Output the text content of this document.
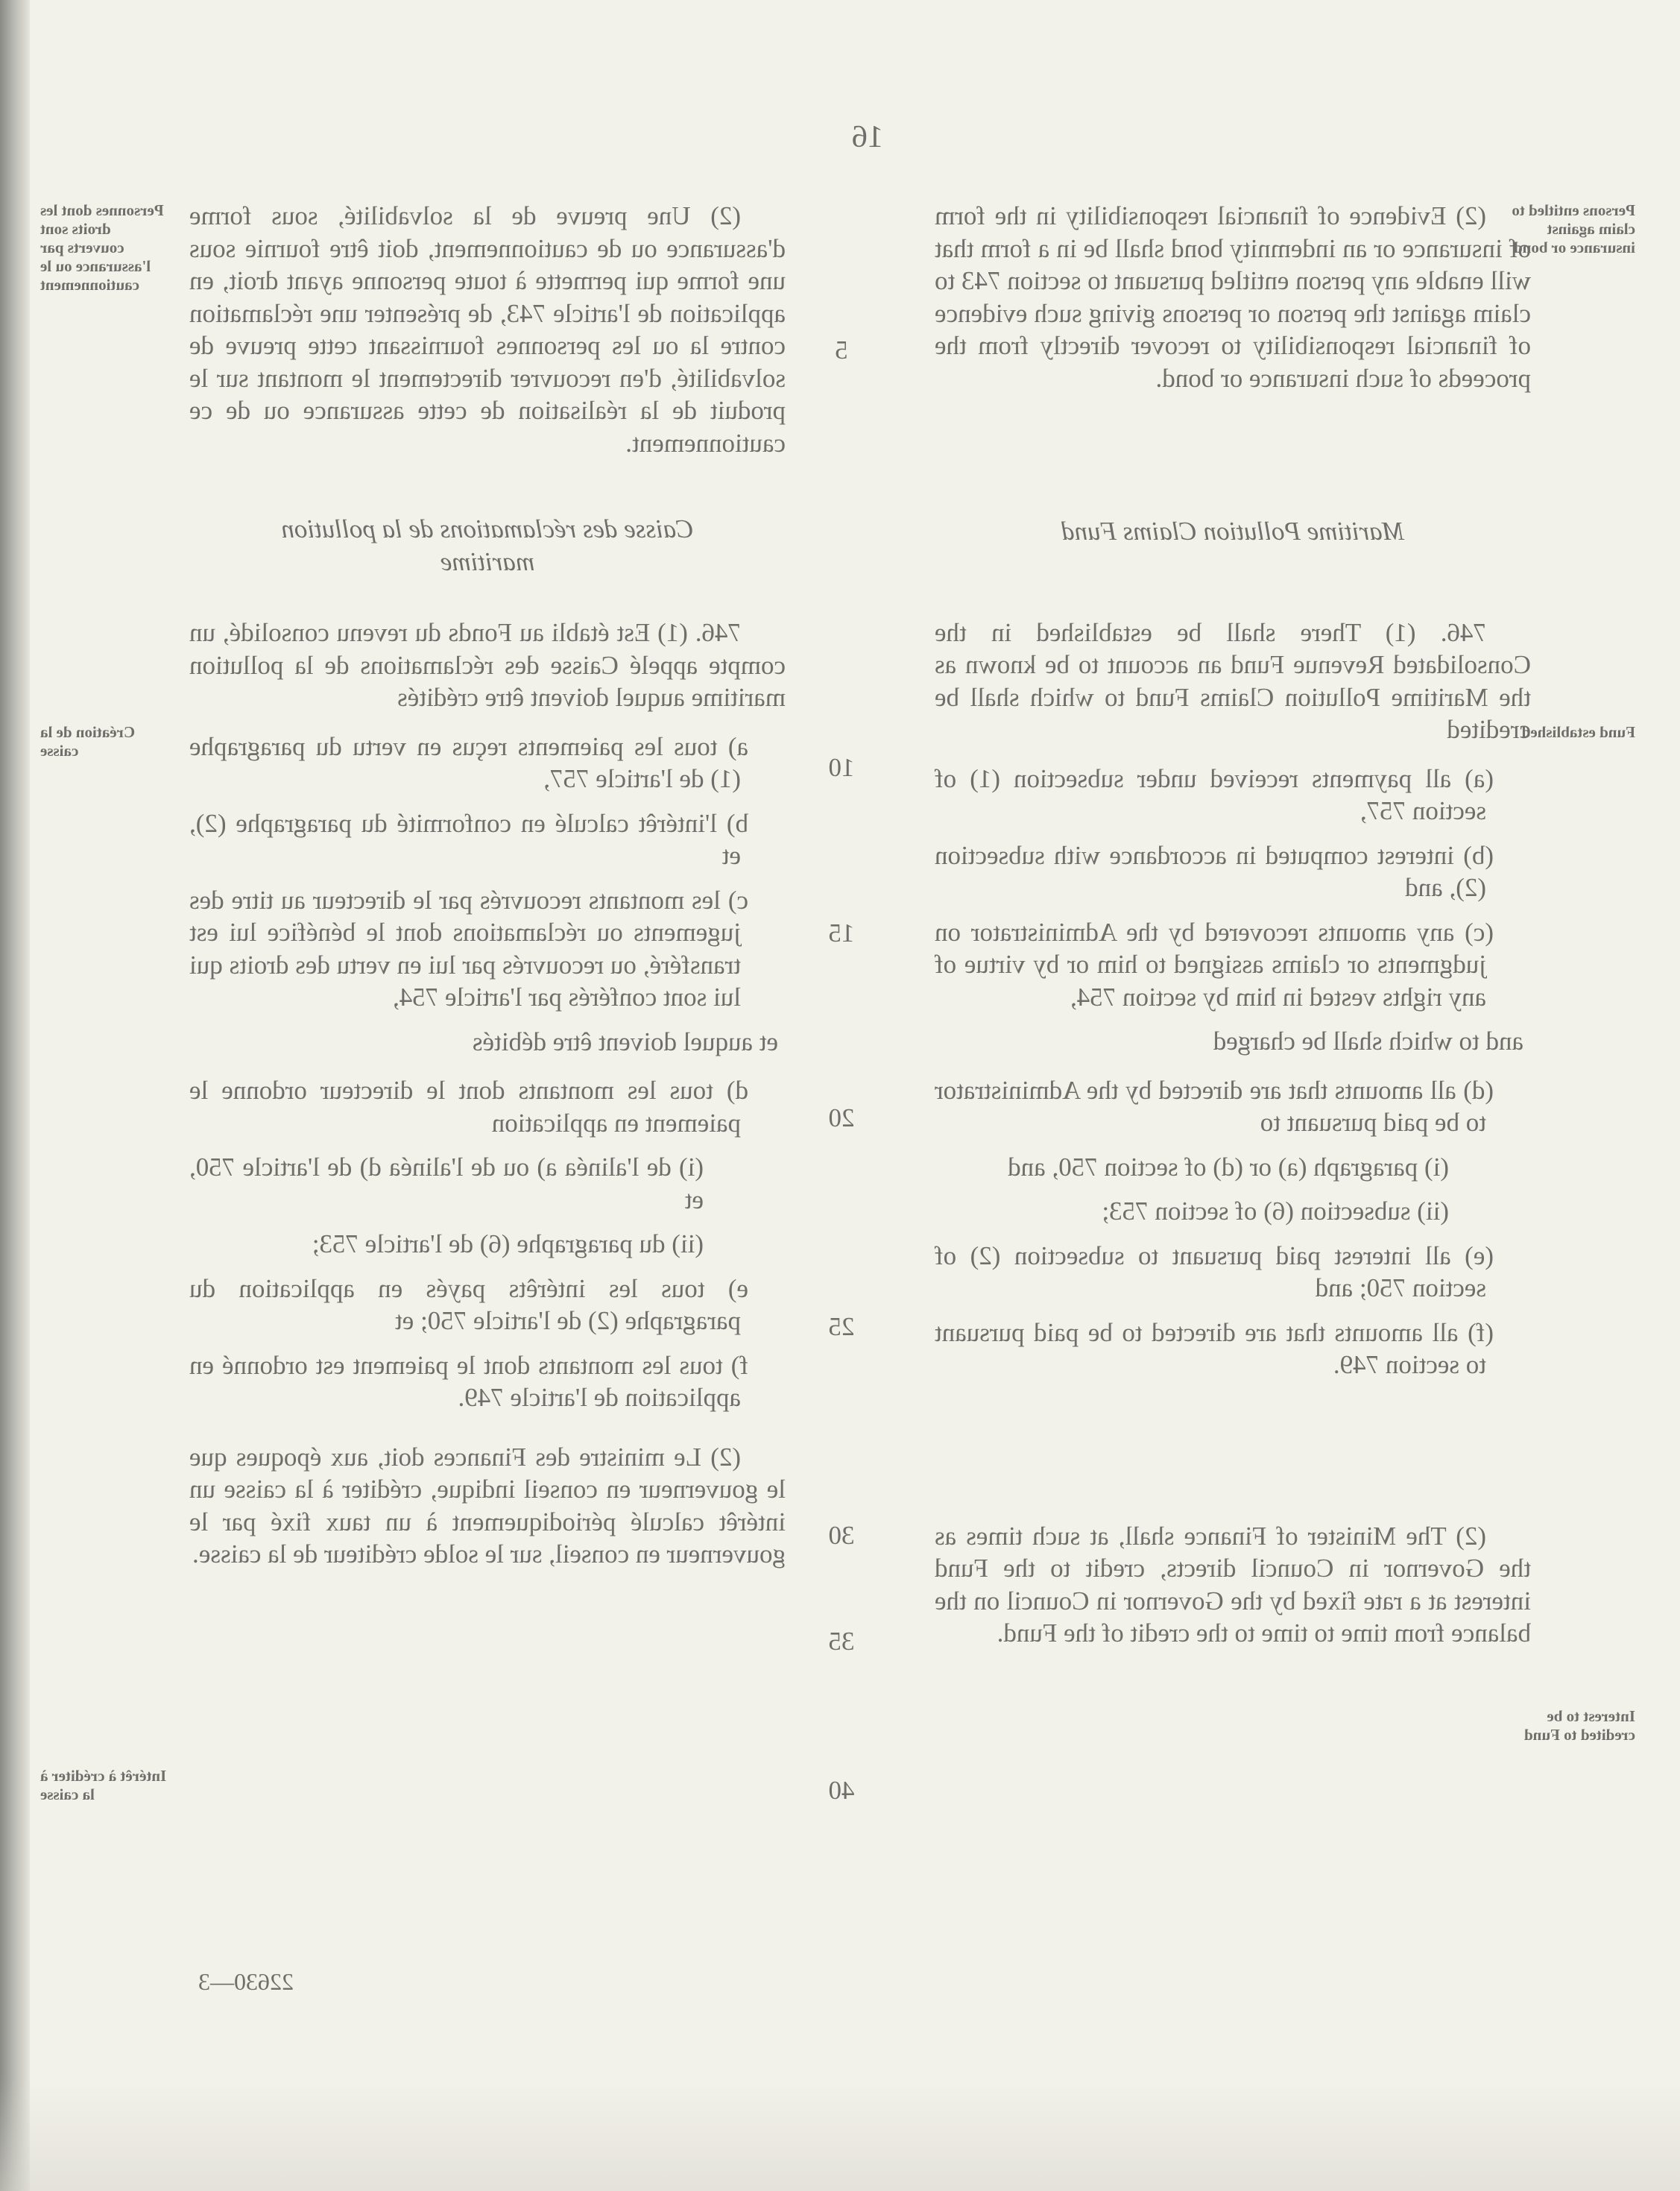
16
Persons entitled to claim against insurance or bond
Fund established
Interest to be credited to Fund

(2) Evidence of financial responsibility in the form of insurance or an indemnity bond shall be in a form that will enable any person entitled pursuant to section 743 to claim against the person or persons giving such evidence of financial responsibility to recover directly from the proceeds of such insurance or bond.

Maritime Pollution Claims Fund

746. (1) There shall be established in the Consolidated Revenue Fund an account to be known as the Maritime Pollution Claims Fund to which shall be credited

(a) all payments received under subsection (1) of section 757,

(b) interest computed in accordance with subsection (2), and

(c) any amounts recovered by the Administrator on judgments or claims assigned to him or by virtue of any rights vested in him by section 754,

and to which shall be charged

(d) all amounts that are directed by the Administrator to be paid pursuant to

(i) paragraph (a) or (d) of section 750, and

(ii) subsection (6) of section 753;

(e) all interest paid pursuant to subsection (2) of section 750; and

(f) all amounts that are directed to be paid pursuant to section 749.

(2) The Minister of Finance shall, at such times as the Governor in Council directs, credit to the Fund interest at a rate fixed by the Governor in Council on the balance from time to time to the credit of the Fund.

5
10
15
20
25
30
35
40

(2) Une preuve de la solvabilité, sous forme d'assurance ou de cautionnement, doit être fournie sous une forme qui permette à toute personne ayant droit, en application de l'article 743, de présenter une réclamation contre la ou les personnes fournissant cette preuve de solvabilité, d'en recouvrer directement le montant sur le produit de la réalisation de cette assurance ou de ce cautionnement.

Caisse des réclamations de la pollution maritime

746. (1) Est établi au Fonds du revenu consolidé, un compte appelé Caisse des réclamations de la pollution maritime auquel doivent être crédités

a) tous les paiements reçus en vertu du paragraphe (1) de l'article 757,

b) l'intérêt calculé en conformité du paragraphe (2), et

c) les montants recouvrés par le directeur au titre des jugements ou réclamations dont le bénéfice lui est transféré, ou recouvrés par lui en vertu des droits qui lui sont conférés par l'article 754,

et auquel doivent être débités

d) tous les montants dont le directeur ordonne le paiement en application

(i) de l'alinéa a) ou de l'alinéa d) de l'article 750, et

(ii) du paragraphe (6) de l'article 753;

e) tous les intérêts payés en application du paragraphe (2) de l'article 750; et

f) tous les montants dont le paiement est ordonné en application de l'article 749.

(2) Le ministre des Finances doit, aux époques que le gouverneur en conseil indique, créditer à la caisse un intérêt calculé périodiquement à un taux fixé par le gouverneur en conseil, sur le solde créditeur de la caisse.

Personnes dont les droits sont couverts par l'assurance ou le cautionnement
Création de la caisse
Intérêt à créditer à la caisse
22630—3
